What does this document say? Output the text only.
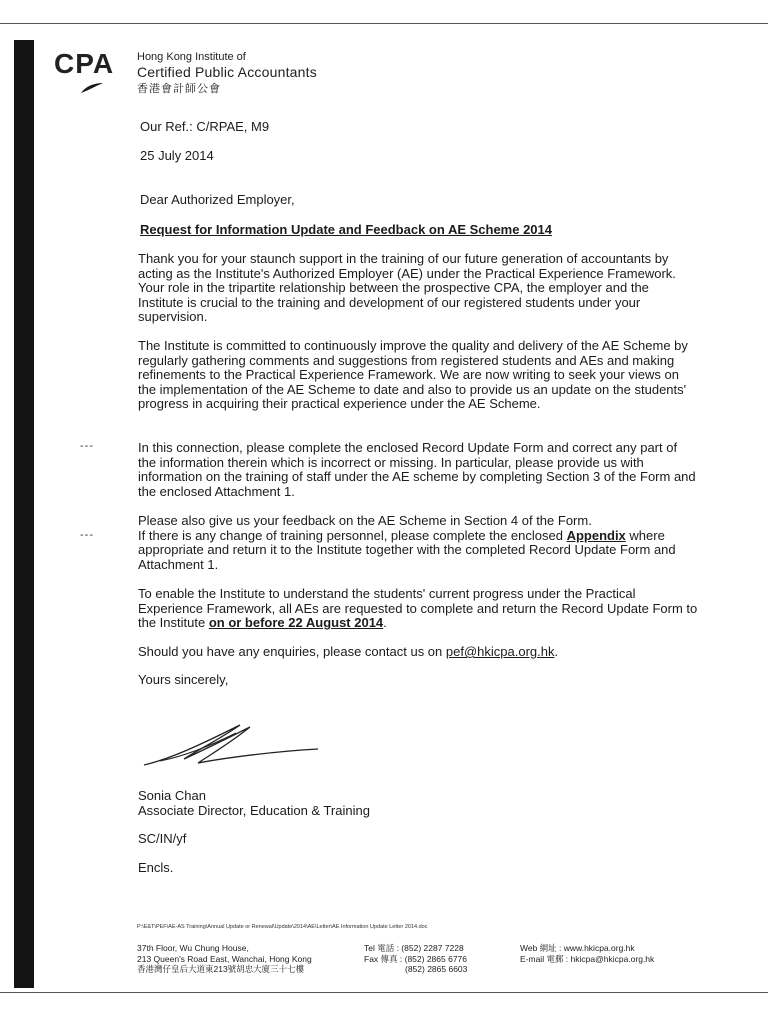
CPA Hong Kong Institute of
Certified Public Accountants
香港會計師公會
Our Ref.: C/RPAE, M9
25 July 2014
Dear Authorized Employer,
Request for Information Update and Feedback on AE Scheme 2014
Thank you for your staunch support in the training of our future generation of accountants by acting as the Institute's Authorized Employer (AE) under the Practical Experience Framework. Your role in the tripartite relationship between the prospective CPA, the employer and the Institute is crucial to the training and development of our registered students under your supervision.
The Institute is committed to continuously improve the quality and delivery of the AE Scheme by regularly gathering comments and suggestions from registered students and AEs and making refinements to the Practical Experience Framework. We are now writing to seek your views on the implementation of the AE Scheme to date and also to provide us an update on the students' progress in acquiring their practical experience under the AE Scheme.
---	In this connection, please complete the enclosed Record Update Form and correct any part of the information therein which is incorrect or missing. In particular, please provide us with information on the training of staff under the AE scheme by completing Section 3 of the Form and the enclosed Attachment 1.
Please also give us your feedback on the AE Scheme in Section 4 of the Form.
If there is any change of training personnel, please complete the enclosed Appendix where appropriate and return it to the Institute together with the completed Record Update Form and Attachment 1.
---
To enable the Institute to understand the students' current progress under the Practical Experience Framework, all AEs are requested to complete and return the Record Update Form to the Institute on or before 22 August 2014.
Should you have any enquiries, please contact us on pef@hkicpa.org.hk.
Yours sincerely,
Sonia Chan
Associate Director, Education & Training
SC/IN/yf
Encls.
P:\E&T\PEF\AE-AS Training\Annual Update or Renewal\Update\2014\AE\Letter\AE Information Update Letter 2014.doc
37th Floor, Wu Chung House,
213 Queen's Road East, Wanchai, Hong Kong
香港灣仔皇后大道東213號胡忠大廈三十七樓
Tel 電話 : (852) 2287 7228
Fax 傳真 : (852) 2865 6776
(852) 2865 6603
Web 網址 : www.hkicpa.org.hk
E-mail 電郵 : hkicpa@hkicpa.org.hk
